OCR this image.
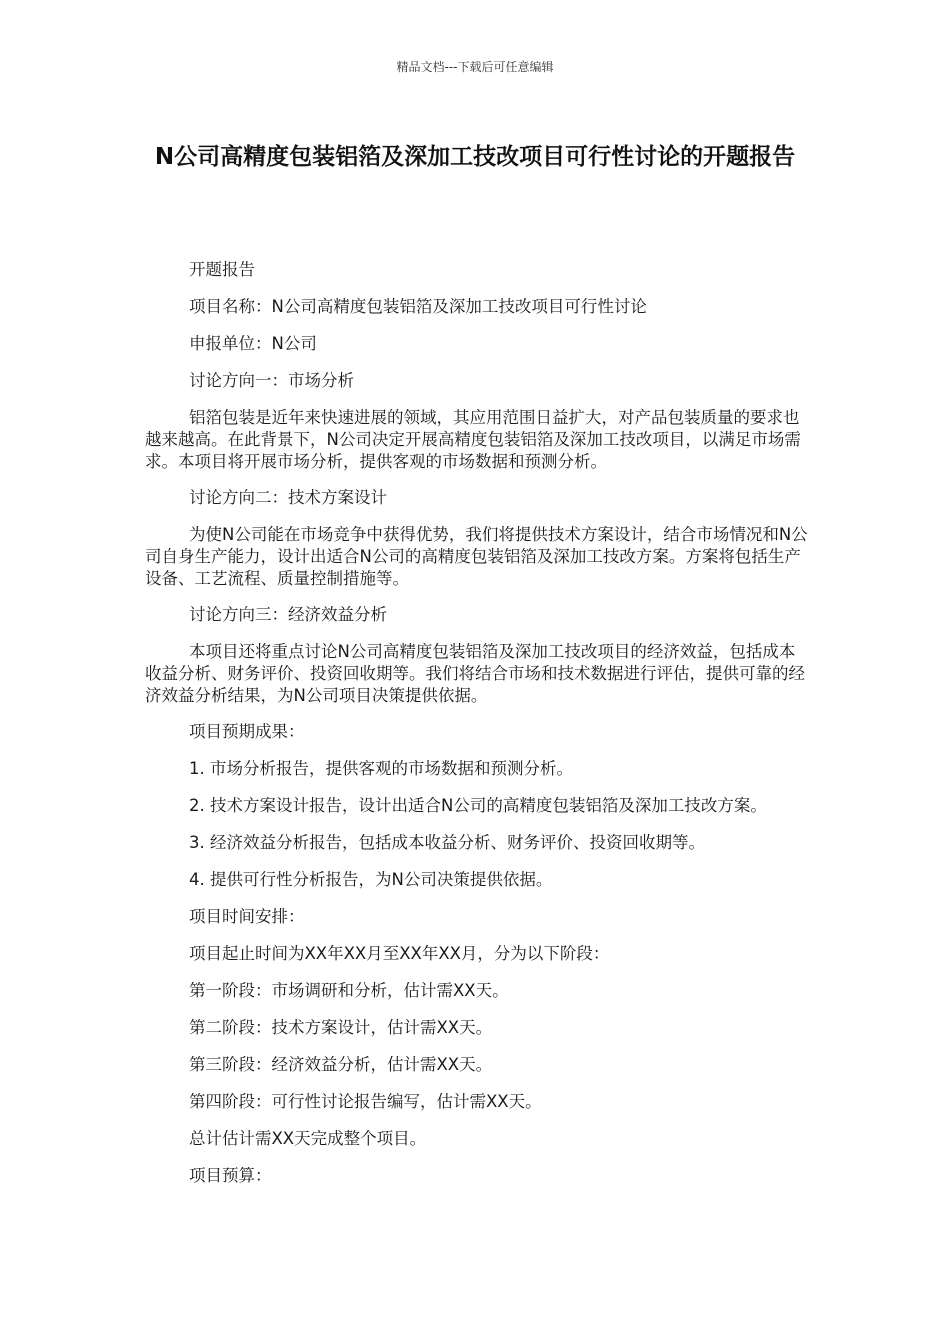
精品文档---下载后可任意编辑
N公司高精度包装铝箔及深加工技改项目可行性讨论的开题报告

开题报告

项目名称：N公司高精度包装铝箔及深加工技改项目可行性讨论

申报单位：N公司

讨论方向一：市场分析

铝箔包装是近年来快速进展的领域，其应用范围日益扩大，对产品包装质量的要求也越来越高。在此背景下，N公司决定开展高精度包装铝箔及深加工技改项目，以满足市场需求。本项目将开展市场分析，提供客观的市场数据和预测分析。

讨论方向二：技术方案设计

为使N公司能在市场竞争中获得优势，我们将提供技术方案设计，结合市场情况和N公司自身生产能力，设计出适合N公司的高精度包装铝箔及深加工技改方案。方案将包括生产设备、工艺流程、质量控制措施等。

讨论方向三：经济效益分析

本项目还将重点讨论N公司高精度包装铝箔及深加工技改项目的经济效益，包括成本收益分析、财务评价、投资回收期等。我们将结合市场和技术数据进行评估，提供可靠的经济效益分析结果，为N公司项目决策提供依据。

项目预期成果：

1. 市场分析报告，提供客观的市场数据和预测分析。

2. 技术方案设计报告，设计出适合N公司的高精度包装铝箔及深加工技改方案。

3. 经济效益分析报告，包括成本收益分析、财务评价、投资回收期等。

4. 提供可行性分析报告，为N公司决策提供依据。

项目时间安排：

项目起止时间为XX年XX月至XX年XX月，分为以下阶段：

第一阶段：市场调研和分析，估计需XX天。

第二阶段：技术方案设计，估计需XX天。

第三阶段：经济效益分析，估计需XX天。

第四阶段：可行性讨论报告编写，估计需XX天。

总计估计需XX天完成整个项目。

项目预算：
